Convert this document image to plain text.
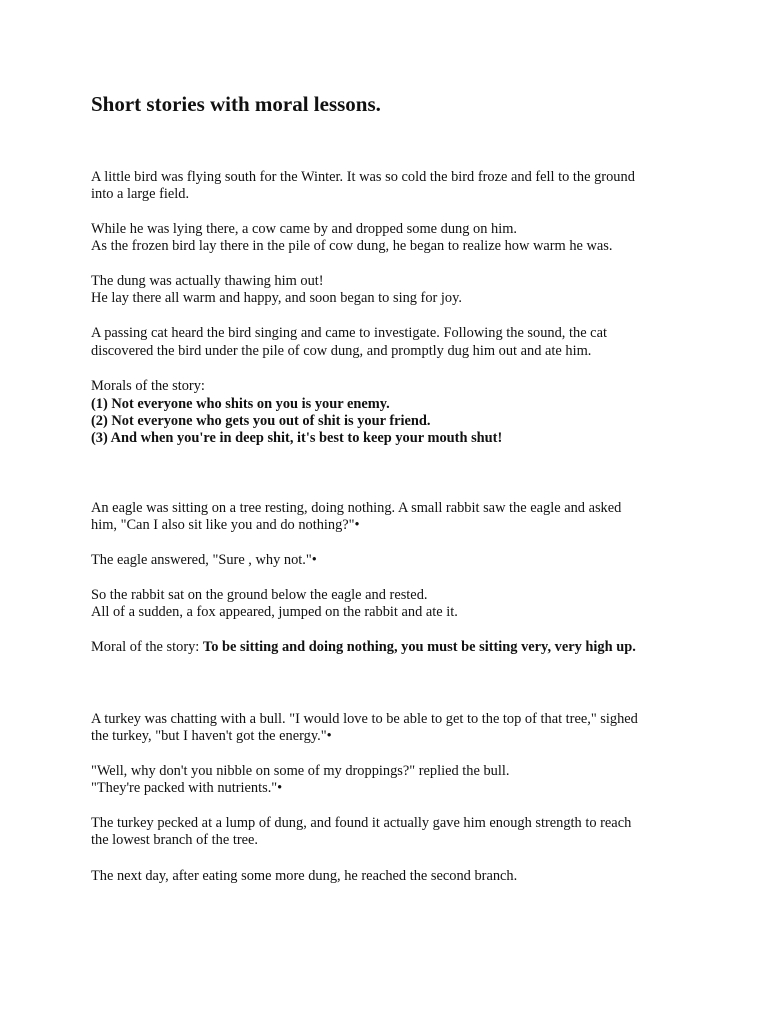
Short stories with moral lessons.

A little bird was flying south for the Winter. It was so cold the bird froze and fell to the ground

into a large field.

While he was lying there, a cow came by and dropped some dung on him.

As the frozen bird lay there in the pile of cow dung, he began to realize how warm he was.

The dung was actually thawing him out!

He lay there all warm and happy, and soon began to sing for joy.

A passing cat heard the bird singing and came to investigate. Following the sound, the cat

discovered the bird under the pile of cow dung, and promptly dug him out and ate him.

Morals of the story:

(1) Not everyone who shits on you is your enemy.

(2) Not everyone who gets you out of shit is your friend.

(3) And when you're in deep shit, it's best to keep your mouth shut!

An eagle was sitting on a tree resting, doing nothing. A small rabbit saw the eagle and asked

him, "Can I also sit like you and do nothing?"•

The eagle answered, "Sure , why not."•

So the rabbit sat on the ground below the eagle and rested.

All of a sudden, a fox appeared, jumped on the rabbit and ate it.

Moral of the story: To be sitting and doing nothing, you must be sitting very, very high up.

A turkey was chatting with a bull. "I would love to be able to get to the top of that tree," sighed

the turkey, "but I haven't got the energy."•

"Well, why don't you nibble on some of my droppings?" replied the bull.

"They're packed with nutrients."•

The turkey pecked at a lump of dung, and found it actually gave him enough strength to reach

the lowest branch of the tree.

The next day, after eating some more dung, he reached the second branch.
